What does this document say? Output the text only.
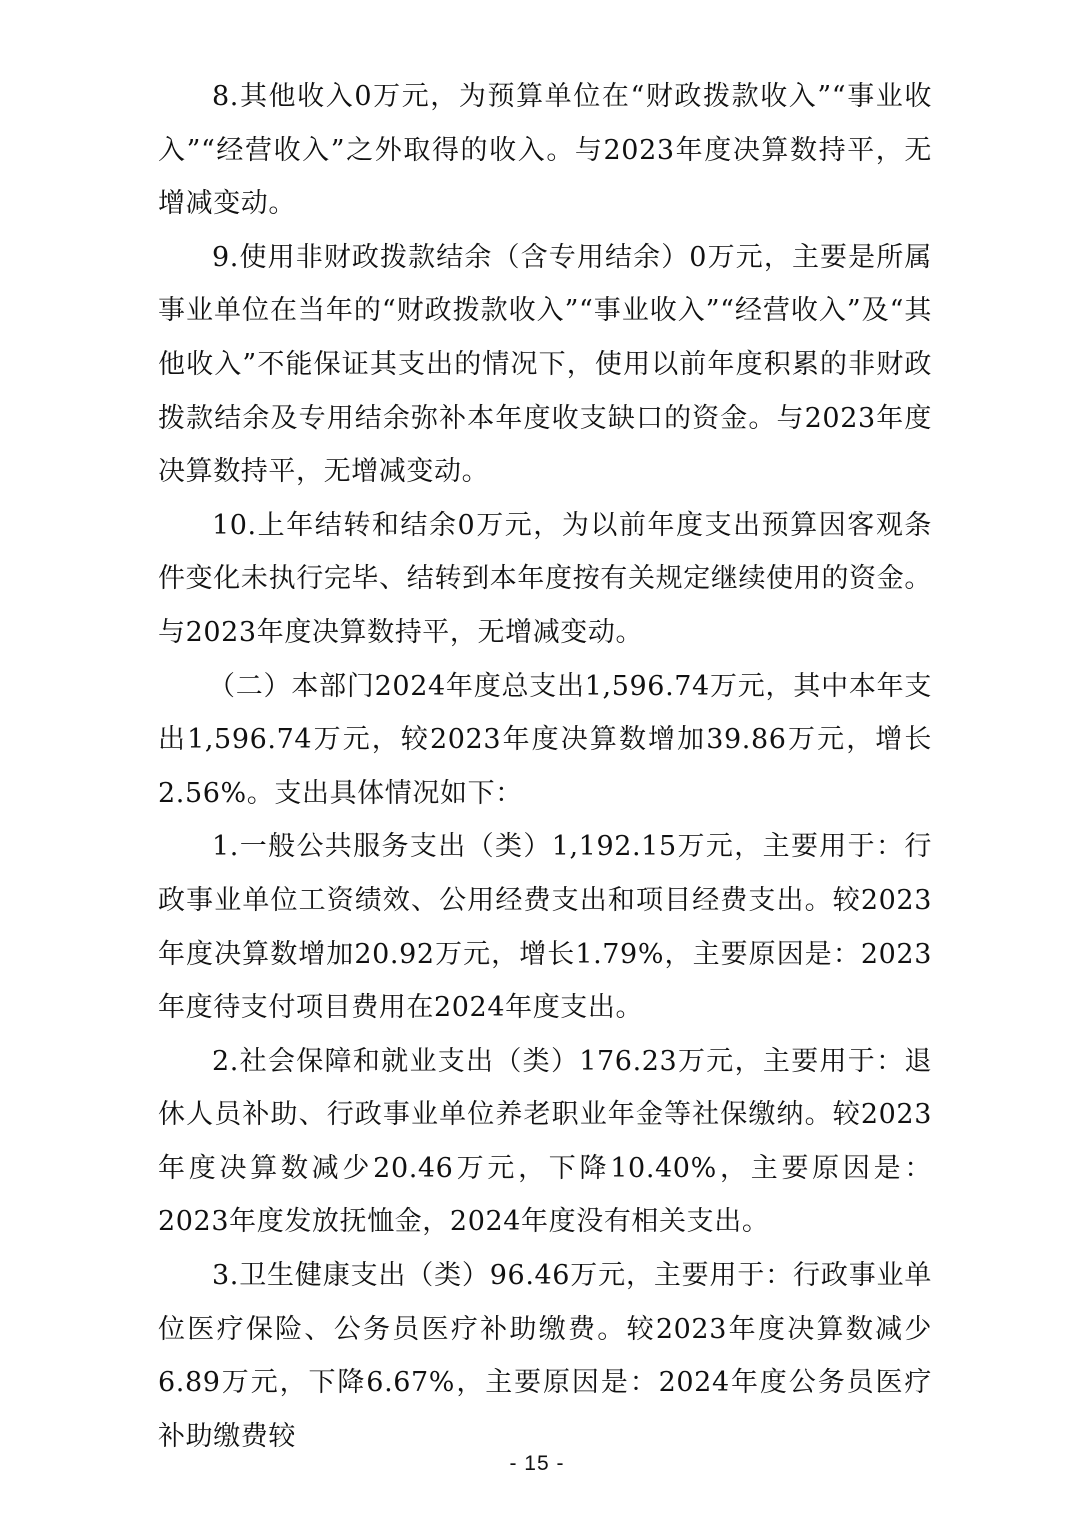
8.其他收入0万元，为预算单位在“财政拨款收入”“事业收入”“经营收入”之外取得的收入。与2023年度决算数持平，无增减变动。

9.使用非财政拨款结余（含专用结余）0万元，主要是所属事业单位在当年的“财政拨款收入”“事业收入”“经营收入”及“其他收入”不能保证其支出的情况下，使用以前年度积累的非财政拨款结余及专用结余弥补本年度收支缺口的资金。与2023年度决算数持平，无增减变动。

10.上年结转和结余0万元，为以前年度支出预算因客观条件变化未执行完毕、结转到本年度按有关规定继续使用的资金。与2023年度决算数持平，无增减变动。

（二）本部门2024年度总支出1,596.74万元，其中本年支出1,596.74万元，较2023年度决算数增加39.86万元，增长2.56%。支出具体情况如下：

1.一般公共服务支出（类）1,192.15万元，主要用于：行政事业单位工资绩效、公用经费支出和项目经费支出。较2023年度决算数增加20.92万元，增长1.79%，主要原因是：2023年度待支付项目费用在2024年度支出。

2.社会保障和就业支出（类）176.23万元，主要用于：退休人员补助、行政事业单位养老职业年金等社保缴纳。较2023年度决算数减少20.46万元，下降10.40%，主要原因是：2023年度发放抚恤金，2024年度没有相关支出。

3.卫生健康支出（类）96.46万元，主要用于：行政事业单位医疗保险、公务员医疗补助缴费。较2023年度决算数减少6.89万元，下降6.67%，主要原因是：2024年度公务员医疗补助缴费较

- 15 -
